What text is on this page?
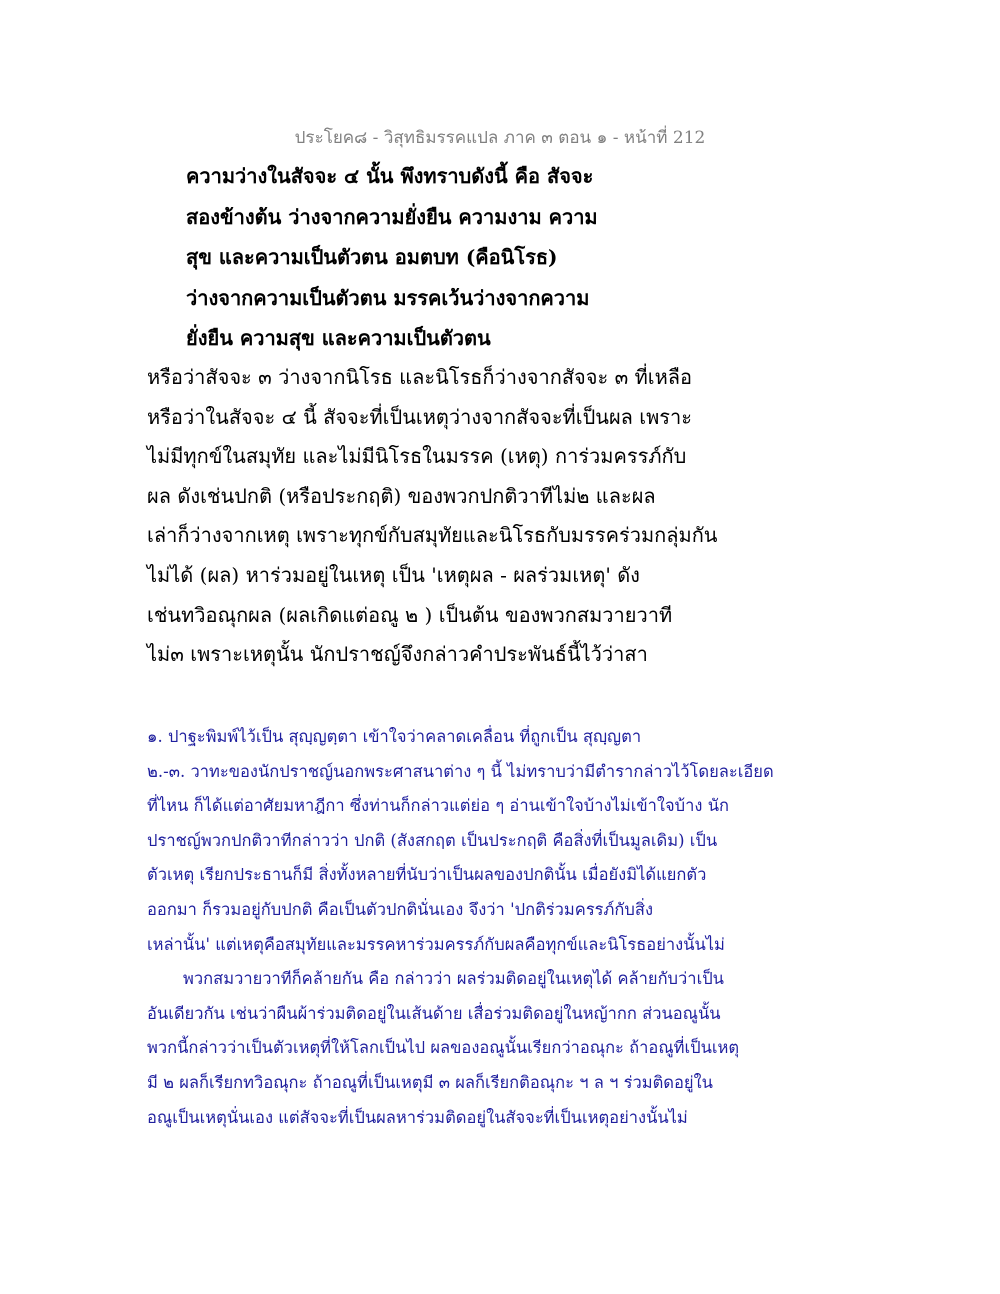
ประโยค๘ - วิสุทธิมรรคแปล ภาค ๓ ตอน ๑ - หน้าที่ 212
ความว่างในสัจจะ ๔ นั้น พึงทราบดังนี้ คือ สัจจะ
สองข้างต้น ว่างจากความยั่งยืน ความงาม ความ
สุข และความเป็นตัวตน อมตบท (คือนิโรธ)
ว่างจากความเป็นตัวตน มรรคเว้นว่างจากความ
ยั่งยืน ความสุข และความเป็นตัวตน
หรือว่าสัจจะ ๓ ว่างจากนิโรธ และนิโรธก็ว่างจากสัจจะ ๓ ที่เหลือ
หรือว่าในสัจจะ ๔ นี้ สัจจะที่เป็นเหตุว่างจากสัจจะที่เป็นผล เพราะ
ไม่มีทุกข์ในสมุทัย และไม่มีนิโรธในมรรค (เหตุ) การ่วมครรภ์กับ
ผล ดังเช่นปกติ (หรือประกฤติ) ของพวกปกติวาทีไม่๒ และผล
เล่าก็ว่างจากเหตุ เพราะทุกข์กับสมุทัยและนิโรธกับมรรคร่วมกลุ่มกัน
ไม่ได้ (ผล) หาร่วมอยู่ในเหตุ เป็น 'เหตุผล - ผลร่วมเหตุ' ดัง
เช่นทวิอณุกผล (ผลเกิดแต่อณู ๒ ) เป็นต้น ของพวกสมวายวาที
ไม่๓ เพราะเหตุนั้น นักปราชญ์จึงกล่าวคำประพันธ์นี้ไว้ว่าสา
๑. ปาฐะพิมพ์ไว้เป็น สุญฺญตฺตา เข้าใจว่าคลาดเคลื่อน ที่ถูกเป็น สุญฺญตา
๒.-๓. วาทะของนักปราชญ์นอกพระศาสนาต่าง ๆ นี้ ไม่ทราบว่ามีตำรากล่าวไว้โดยละเอียด
ที่ไหน ก็ได้แต่อาศัยมหาฎีกา ซึ่งท่านก็กล่าวแต่ย่อ ๆ อ่านเข้าใจบ้างไม่เข้าใจบ้าง นัก
ปราชญ์พวกปกติวาทีกล่าวว่า ปกติ (สังสกฤต เป็นประกฤติ คือสิ่งที่เป็นมูลเดิม) เป็น
ตัวเหตุ เรียกประธานก็มี สิ่งทั้งหลายที่นับว่าเป็นผลของปกตินั้น เมื่อยังมิได้แยกตัว
ออกมา ก็รวมอยู่กับปกติ คือเป็นตัวปกตินั่นเอง จึงว่า 'ปกติร่วมครรภ์กับสิ่ง
เหล่านั้น' แต่เหตุคือสมุทัยและมรรคหาร่วมครรภ์กับผลคือทุกข์และนิโรธอย่างนั้นไม่
พวกสมวายวาทีก็คล้ายกัน คือ กล่าวว่า ผลร่วมติดอยู่ในเหตุได้ คล้ายกับว่าเป็น
อันเดียวกัน เช่นว่าผืนผ้าร่วมติดอยู่ในเส้นด้าย เสื่อร่วมติดอยู่ในหญ้ากก ส่วนอณูนั้น
พวกนี้กล่าวว่าเป็นตัวเหตุที่ให้โลกเป็นไป ผลของอณูนั้นเรียกว่าอณุกะ ถ้าอณูที่เป็นเหตุ
มี ๒ ผลก็เรียกทวิอณุกะ ถ้าอณูที่เป็นเหตุมี ๓ ผลก็เรียกติอณุกะ ฯ ล ฯ ร่วมติดอยู่ใน
อณูเป็นเหตุนั่นเอง แต่สัจจะที่เป็นผลหาร่วมติดอยู่ในสัจจะที่เป็นเหตุอย่างนั้นไม่
